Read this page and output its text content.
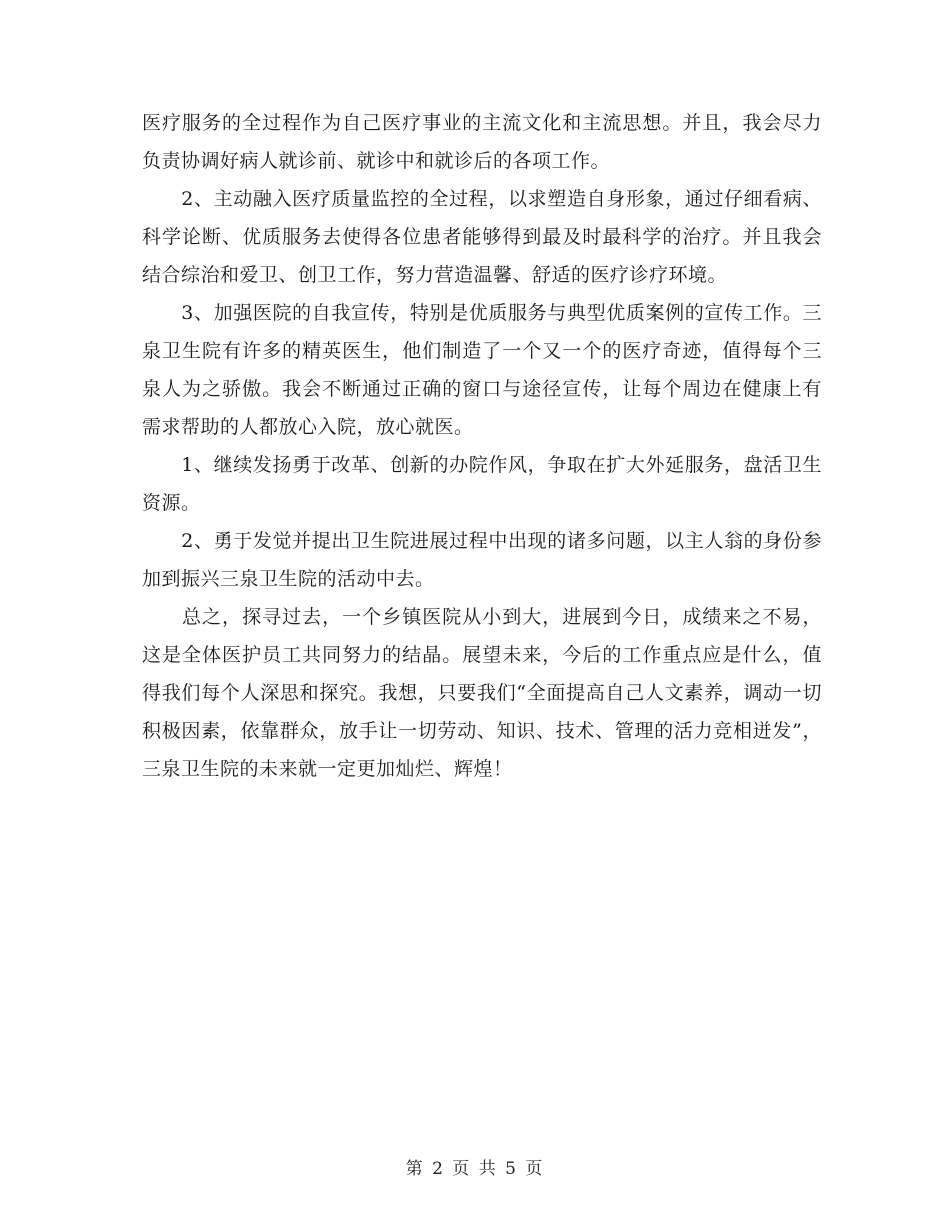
医疗服务的全过程作为自己医疗事业的主流文化和主流思想。并且，我会尽力负责协调好病人就诊前、就诊中和就诊后的各项工作。

　　2、主动融入医疗质量监控的全过程，以求塑造自身形象，通过仔细看病、科学论断、优质服务去使得各位患者能够得到最及时最科学的治疗。并且我会结合综治和爱卫、创卫工作，努力营造温馨、舒适的医疗诊疗环境。

　　3、加强医院的自我宣传，特别是优质服务与典型优质案例的宣传工作。三泉卫生院有许多的精英医生，他们制造了一个又一个的医疗奇迹，值得每个三泉人为之骄傲。我会不断通过正确的窗口与途径宣传，让每个周边在健康上有需求帮助的人都放心入院，放心就医。

　　1、继续发扬勇于改革、创新的办院作风，争取在扩大外延服务，盘活卫生资源。

　　2、勇于发觉并提出卫生院进展过程中出现的诸多问题，以主人翁的身份参加到振兴三泉卫生院的活动中去。

　　总之，探寻过去，一个乡镇医院从小到大，进展到今日，成绩来之不易，这是全体医护员工共同努力的结晶。展望未来，今后的工作重点应是什么，值得我们每个人深思和探究。我想，只要我们“全面提高自己人文素养，调动一切积极因素，依靠群众，放手让一切劳动、知识、技术、管理的活力竞相迸发”，三泉卫生院的未来就一定更加灿烂、辉煌！

第 2 页 共 5 页
